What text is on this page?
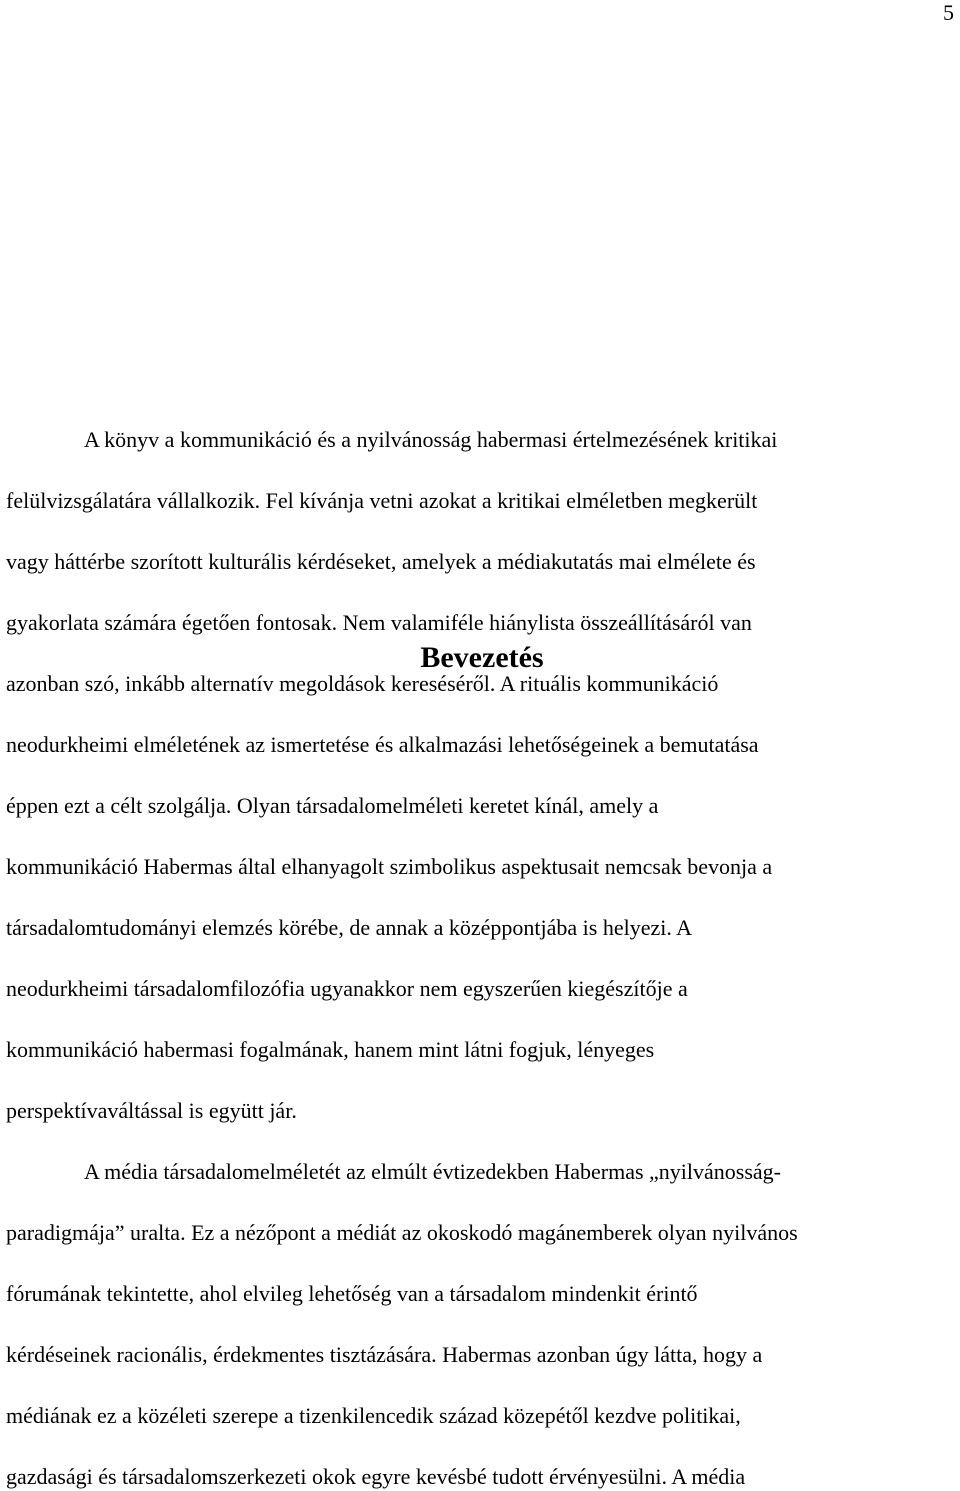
5
Bevezetés
A könyv a kommunikáció és a nyilvánosság habermasi értelmezésének kritikai
felülvizsgálatára vállalkozik. Fel kívánja vetni azokat a kritikai elméletben megkerült
vagy háttérbe szorított kulturális kérdéseket, amelyek a médiakutatás mai elmélete és
gyakorlata számára égetően fontosak. Nem valamiféle hiánylista összeállításáról van
azonban szó, inkább alternatív megoldások kereséséről. A rituális kommunikáció
neodurkheimi elméletének az ismertetése és alkalmazási lehetőségeinek a bemutatása
éppen ezt a célt szolgálja. Olyan társadalomelméleti keretet kínál, amely a
kommunikáció Habermas által elhanyagolt szimbolikus aspektusait nemcsak bevonja a
társadalomtudományi elemzés körébe, de annak a középpontjába is helyezi. A
neodurkheimi társadalomfilozófia ugyanakkor nem egyszerűen kiegészítője a
kommunikáció habermasi fogalmának, hanem mint látni fogjuk, lényeges
perspektívaváltással is együtt jár.
A média társadalomelméletét az elmúlt évtizedekben Habermas „nyilvánosság-
paradigmája” uralta. Ez a nézőpont a médiát az okoskodó magánemberek olyan nyilvános
fórumának tekintette, ahol elvileg lehetőség van a társadalom mindenkit érintő
kérdéseinek racionális, érdekmentes tisztázására. Habermas azonban úgy látta, hogy a
médiának ez a közéleti szerepe a tizenkilencedik század közepétől kezdve politikai,
gazdasági és társadalomszerkezeti okok egyre kevésbé tudott érvényesülni. A média
